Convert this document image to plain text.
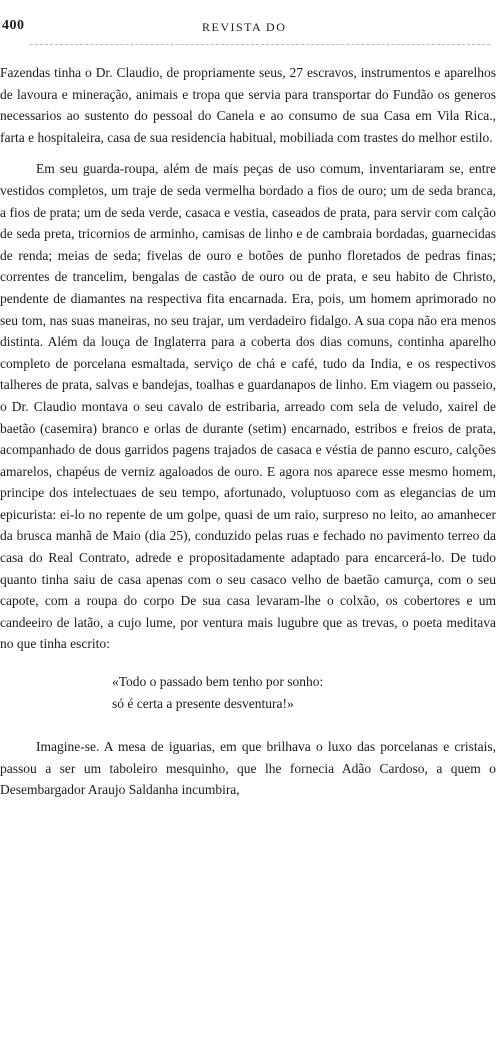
400	REVISTA DO

Fazendas tinha o Dr. Claudio, de propriamente seus, 27 escravos, instrumentos e aparelhos de lavoura e mineração, animais e tropa que servia para transportar do Fundão os generos necessarios ao sustento do pessoal do Canela e ao consumo de sua Casa em Vila Rica., farta e hospitaleira, casa de sua residencia habitual, mobiliada com trastes do melhor estilo.

Em seu guarda-roupa, além de mais peças de uso comum, inventariaram se, entre vestidos completos, um traje de seda vermelha bordado a fios de ouro; um de seda branca, a fios de prata; um de seda verde, casaca e vestia, caseados de prata, para servir com calção de seda preta, tricornios de arminho, camisas de linho e de cambraia bordadas, guarnecidas de renda; meias de seda; fivelas de ouro e botões de punho floretados de pedras finas; correntes de trancelim, bengalas de castão de ouro ou de prata, e seu habito de Christo, pendente de diamantes na respectiva fita encarnada. Era, pois, um homem aprimorado no seu tom, nas suas maneiras, no seu trajar, um verdadeiro fidalgo. A sua copa não era menos distinta. Além da louça de Inglaterra para a coberta dos dias comuns, continha aparelho completo de porcelana esmaltada, serviço de chá e café, tudo da India, e os respectivos talheres de prata, salvas e bandejas, toalhas e guardanapos de linho. Em viagem ou passeio, o Dr. Claudio montava o seu cavalo de estribaria, arreado com sela de veludo, xairel de baetão (casemira) branco e orlas de durante (setim) encarnado, estribos e freios de prata, acompanhado de dous garridos pagens trajados de casaca e véstia de panno escuro, calções amarelos, chapéus de verniz agaloados de ouro. E agora nos aparece esse mesmo homem, principe dos intelectuaes de seu tempo, afortunado, voluptuoso com as elegancias de um epicurista: ei-lo no repente de um golpe, quasi de um raio, surpreso no leito, ao amanhecer da brusca manhã de Maio (dia 25), conduzido pelas ruas e fechado no pavimento terreo da casa do Real Contrato, adrede e propositadamente adaptado para encarcerá-lo. De tudo quanto tinha saiu de casa apenas com o seu casaco velho de baetão camurça, com o seu capote, com a roupa do corpo De sua casa levaram-lhe o colxão, os cobertores e um candeeiro de latão, a cujo lume, por ventura mais lugubre que as trevas, o poeta meditava no que tinha escrito:

«Todo o passado bem tenho por sonho:
só é certa a presente desventura!»

Imagine-se. A mesa de iguarias, em que brilhava o luxo das porcelanas e cristais, passou a ser um taboleiro mesquinho, que lhe fornecia Adão Cardoso, a quem o Desembargador Araujo Saldanha incumbira,
